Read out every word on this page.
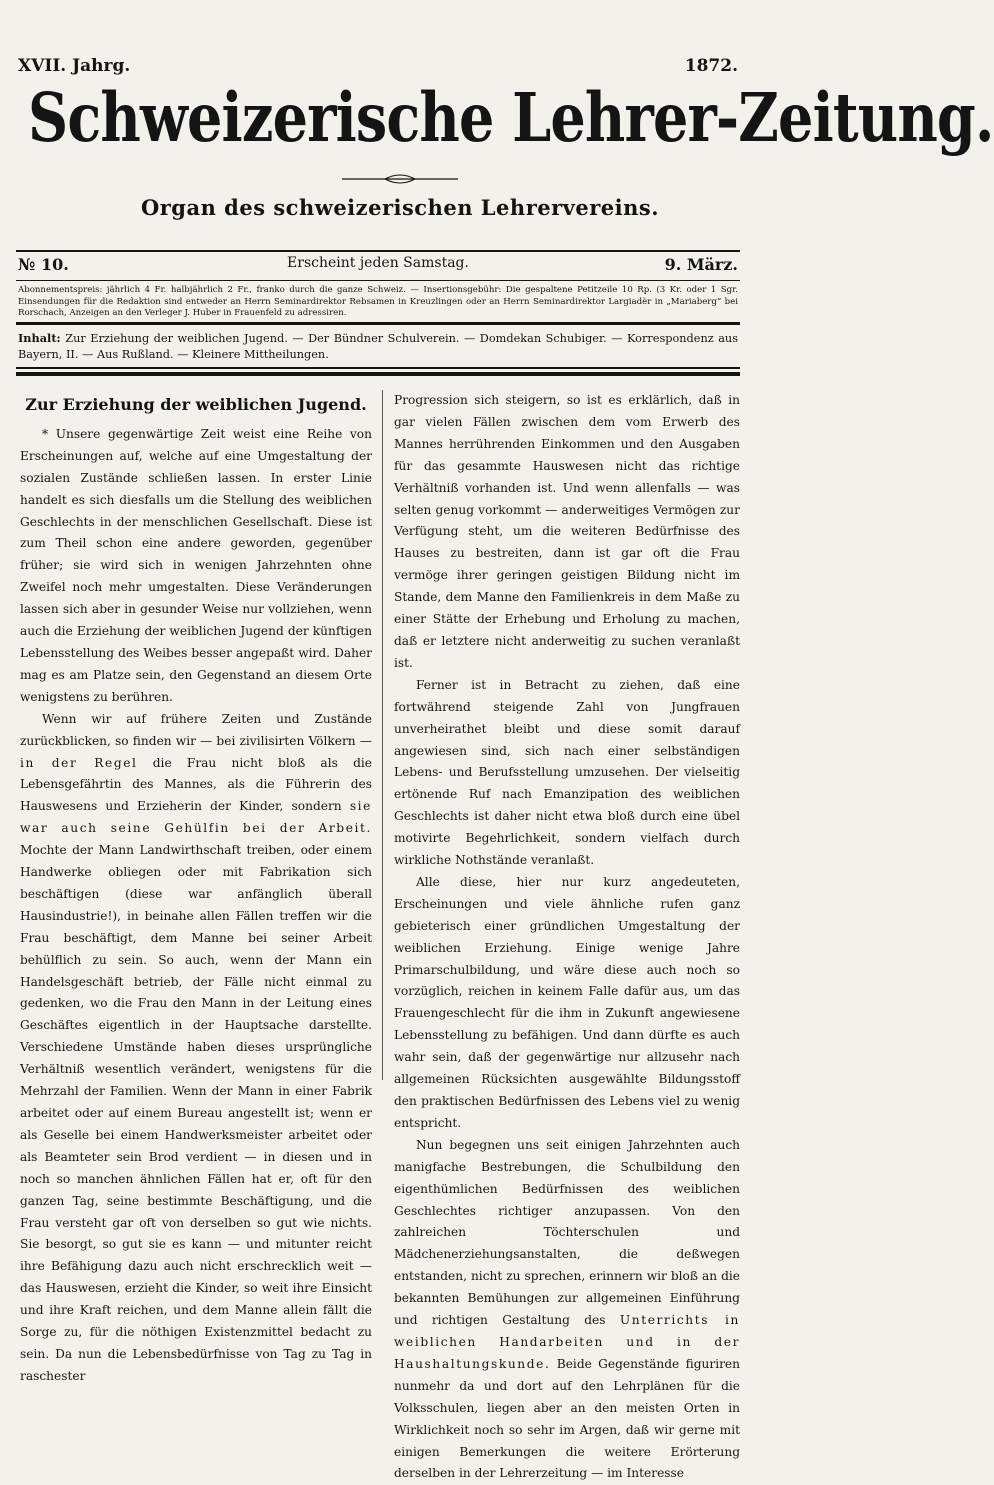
XVII. Jahrg.	1872.
Schweizerische Lehrer-Zeitung.
Organ des schweizerischen Lehrervereins.
№ 10.	Erscheint jeden Samstag.	9. März.
Abonnementspreis: jährlich 4 Fr. halbjährlich 2 Fr., franko durch die ganze Schweiz. — Insertionsgebühr: Die gespaltene Petitzeile 10 Rp. (3 Kr. oder 1 Sgr. Einsendungen für die Redaktion sind entweder an Herrn Seminardirektor Rebsamen in Kreuzlingen oder an Herrn Seminardirektor Largiadèr in „Mariaberg“ bei Rorschach, Anzeigen an den Verleger J. Huber in Frauenfeld zu adressiren.
Inhalt: Zur Erziehung der weiblichen Jugend. — Der Bündner Schulverein. — Domdekan Schubiger. — Korrespondenz aus Bayern, II. — Aus Rußland. — Kleinere Mittheilungen.
Zur Erziehung der weiblichen Jugend.

* Unsere gegenwärtige Zeit weist eine Reihe von Erscheinungen auf, welche auf eine Umgestaltung der sozialen Zustände schließen lassen. In erster Linie handelt es sich diesfalls um die Stellung des weiblichen Geschlechts in der menschlichen Gesellschaft. Diese ist zum Theil schon eine andere geworden, gegenüber früher; sie wird sich in wenigen Jahrzehnten ohne Zweifel noch mehr umgestalten. Diese Veränderungen lassen sich aber in gesunder Weise nur vollziehen, wenn auch die Erziehung der weiblichen Jugend der künftigen Lebensstellung des Weibes besser angepaßt wird. Daher mag es am Platze sein, den Gegenstand an diesem Orte wenigstens zu berühren.

Wenn wir auf frühere Zeiten und Zustände zurückblicken, so finden wir — bei zivilisirten Völkern — in der Regel die Frau nicht bloß als die Lebensgefährtin des Mannes, als die Führerin des Hauswesens und Erzieherin der Kinder, sondern sie war auch seine Gehülfin bei der Arbeit. Mochte der Mann Landwirthschaft treiben, oder einem Handwerke obliegen oder mit Fabrikation sich beschäftigen (diese war anfänglich überall Hausindustrie!), in beinahe allen Fällen treffen wir die Frau beschäftigt, dem Manne bei seiner Arbeit behülflich zu sein. So auch, wenn der Mann ein Handelsgeschäft betrieb, der Fälle nicht einmal zu gedenken, wo die Frau den Mann in der Leitung eines Geschäftes eigentlich in der Hauptsache darstellte. Verschiedene Umstände haben dieses ursprüngliche Verhältniß wesentlich verändert, wenigstens für die Mehrzahl der Familien. Wenn der Mann in einer Fabrik arbeitet oder auf einem Bureau angestellt ist; wenn er als Geselle bei einem Handwerksmeister arbeitet oder als Beamteter sein Brod verdient — in diesen und in noch so manchen ähnlichen Fällen hat er, oft für den ganzen Tag, seine bestimmte Beschäftigung, und die Frau versteht gar oft von derselben so gut wie nichts. Sie besorgt, so gut sie es kann — und mitunter reicht ihre Befähigung dazu auch nicht erschrecklich weit — das Hauswesen, erzieht die Kinder, so weit ihre Einsicht und ihre Kraft reichen, und dem Manne allein fällt die Sorge zu, für die nöthigen Existenzmittel bedacht zu sein. Da nun die Lebensbedürfnisse von Tag zu Tag in raschester

Progression sich steigern, so ist es erklärlich, daß in gar vielen Fällen zwischen dem vom Erwerb des Mannes herrührenden Einkommen und den Ausgaben für das gesammte Hauswesen nicht das richtige Verhältniß vorhanden ist. Und wenn allenfalls — was selten genug vorkommt — anderweitiges Vermögen zur Verfügung steht, um die weiteren Bedürfnisse des Hauses zu bestreiten, dann ist gar oft die Frau vermöge ihrer geringen geistigen Bildung nicht im Stande, dem Manne den Familienkreis in dem Maße zu einer Stätte der Erhebung und Erholung zu machen, daß er letztere nicht anderweitig zu suchen veranlaßt ist.

Ferner ist in Betracht zu ziehen, daß eine fortwährend steigende Zahl von Jungfrauen unverheirathet bleibt und diese somit darauf angewiesen sind, sich nach einer selbständigen Lebens- und Berufsstellung umzusehen. Der vielseitig ertönende Ruf nach Emanzipation des weiblichen Geschlechts ist daher nicht etwa bloß durch eine übel motivirte Begehrlichkeit, sondern vielfach durch wirkliche Nothstände veranlaßt.

Alle diese, hier nur kurz angedeuteten, Erscheinungen und viele ähnliche rufen ganz gebieterisch einer gründlichen Umgestaltung der weiblichen Erziehung. Einige wenige Jahre Primarschulbildung, und wäre diese auch noch so vorzüglich, reichen in keinem Falle dafür aus, um das Frauengeschlecht für die ihm in Zukunft angewiesene Lebensstellung zu befähigen. Und dann dürfte es auch wahr sein, daß der gegenwärtige nur allzusehr nach allgemeinen Rücksichten ausgewählte Bildungsstoff den praktischen Bedürfnissen des Lebens viel zu wenig entspricht.

Nun begegnen uns seit einigen Jahrzehnten auch manigfache Bestrebungen, die Schulbildung den eigenthümlichen Bedürfnissen des weiblichen Geschlechtes richtiger anzupassen. Von den zahlreichen Töchterschulen und Mädchenerziehungsanstalten, die deßwegen entstanden, nicht zu sprechen, erinnern wir bloß an die bekannten Bemühungen zur allgemeinen Einführung und richtigen Gestaltung des Unterrichts in weiblichen Handarbeiten und in der Haushaltungskunde. Beide Gegenstände figuriren nunmehr da und dort auf den Lehrplänen für die Volksschulen, liegen aber an den meisten Orten in Wirklichkeit noch so sehr im Argen, daß wir gerne mit einigen Bemerkungen die weitere Erörterung derselben in der Lehrerzeitung — im Interesse
